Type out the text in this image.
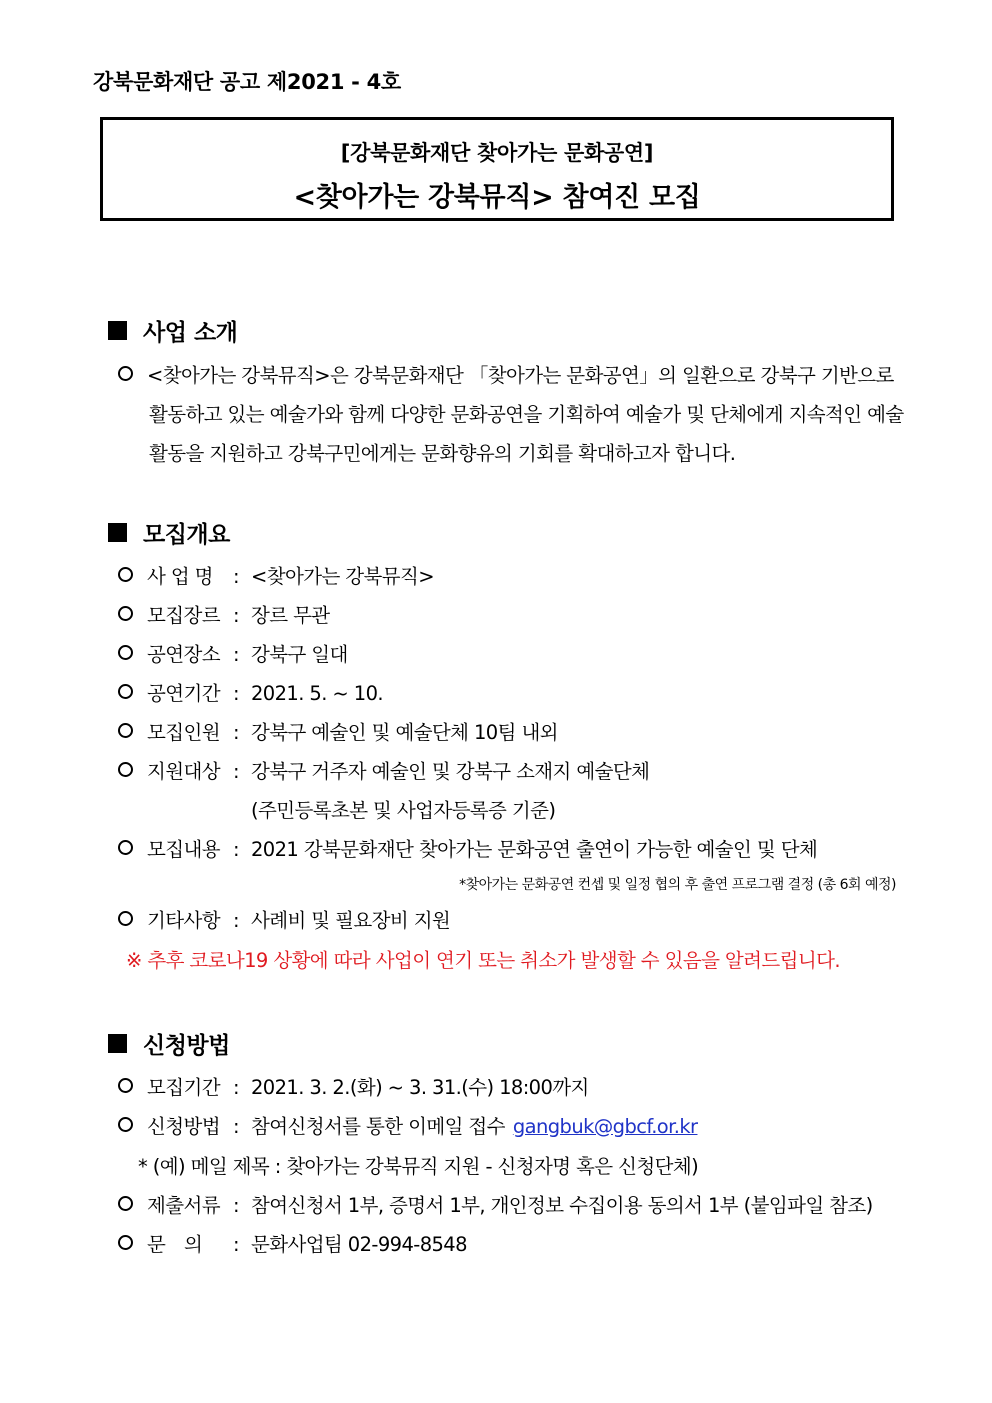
강북문화재단 공고 제2021 - 4호
[강북문화재단 찾아가는 문화공연]
<찾아가는 강북뮤직> 참여진 모집
사업 소개
<찾아가는 강북뮤직>은 강북문화재단 「찾아가는 문화공연」의 일환으로 강북구 기반으로
활동하고 있는 예술가와 함께 다양한 문화공연을 기획하여 예술가 및 단체에게 지속적인 예술
활동을 지원하고 강북구민에게는 문화향유의 기회를 확대하고자 합니다.
모집개요
사 업 명	: <찾아가는 강북뮤직>
모집장르 : 장르 무관
공연장소 : 강북구 일대
공연기간 : 2021. 5. ~ 10.
모집인원 : 강북구 예술인 및 예술단체 10팀 내외
지원대상 : 강북구 거주자 예술인 및 강북구 소재지 예술단체
(주민등록초본 및 사업자등록증 기준)
모집내용 : 2021 강북문화재단 찾아가는 문화공연 출연이 가능한 예술인 및 단체
*찾아가는 문화공연 컨셉 및 일정 협의 후 출연 프로그램 결정 (총 6회 예정)
기타사항 : 사례비 및 필요장비 지원
※ 추후 코로나19 상황에 따라 사업이 연기 또는 취소가 발생할 수 있음을 알려드립니다.
신청방법
모집기간 : 2021. 3. 2.(화) ~ 3. 31.(수) 18:00까지
신청방법 : 참여신청서를 통한 이메일 접수 gangbuk@gbcf.or.kr
* (예) 메일 제목 : 찾아가는 강북뮤직 지원 - 신청자명 혹은 신청단체)
제출서류 : 참여신청서 1부, 증명서 1부, 개인정보 수집이용 동의서 1부 (붙임파일 참조)
문 의	: 문화사업팀 02-994-8548
